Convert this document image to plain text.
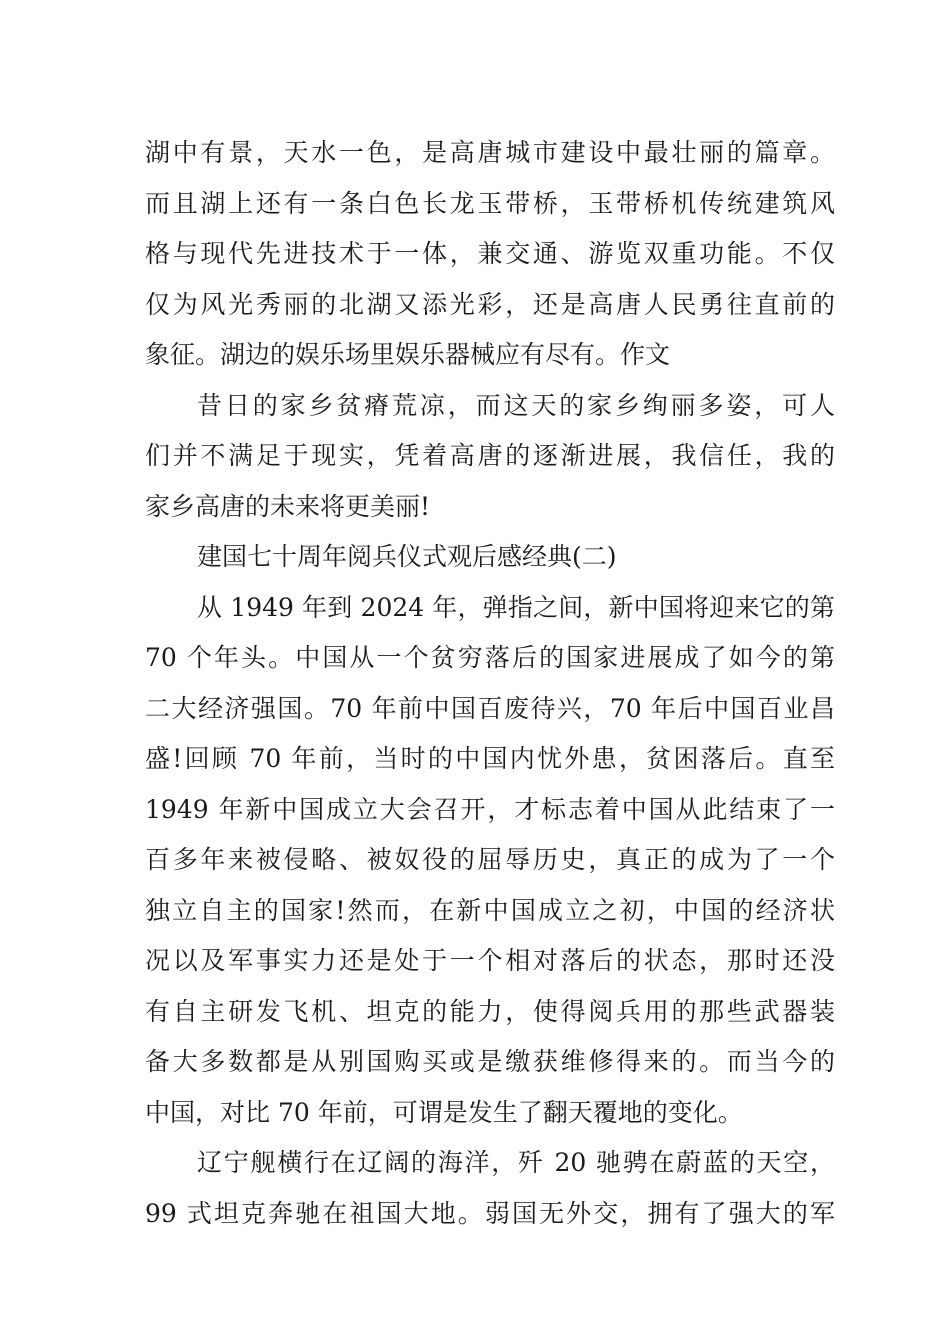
湖中有景，天水一色，是高唐城市建设中最壮丽的篇章。
而且湖上还有一条白色长龙玉带桥，玉带桥机传统建筑风
格与现代先进技术于一体，兼交通、游览双重功能。不仅
仅为风光秀丽的北湖又添光彩，还是高唐人民勇往直前的
象征。湖边的娱乐场里娱乐器械应有尽有。作文
昔日的家乡贫瘠荒凉，而这天的家乡绚丽多姿，可人
们并不满足于现实，凭着高唐的逐渐进展，我信任，我的
家乡高唐的未来将更美丽!
建国七十周年阅兵仪式观后感经典(二)
从 1949 年到 2024 年，弹指之间，新中国将迎来它的第
70 个年头。中国从一个贫穷落后的国家进展成了如今的第
二大经济强国。70 年前中国百废待兴，70 年后中国百业昌
盛!回顾 70 年前，当时的中国内忧外患，贫困落后。直至
1949 年新中国成立大会召开，才标志着中国从此结束了一
百多年来被侵略、被奴役的屈辱历史，真正的成为了一个
独立自主的国家!然而，在新中国成立之初，中国的经济状
况以及军事实力还是处于一个相对落后的状态，那时还没
有自主研发飞机、坦克的能力，使得阅兵用的那些武器装
备大多数都是从别国购买或是缴获维修得来的。而当今的
中国，对比 70 年前，可谓是发生了翻天覆地的变化。
辽宁舰横行在辽阔的海洋，歼 20 驰骋在蔚蓝的天空，
99 式坦克奔驰在祖国大地。弱国无外交，拥有了强大的军
